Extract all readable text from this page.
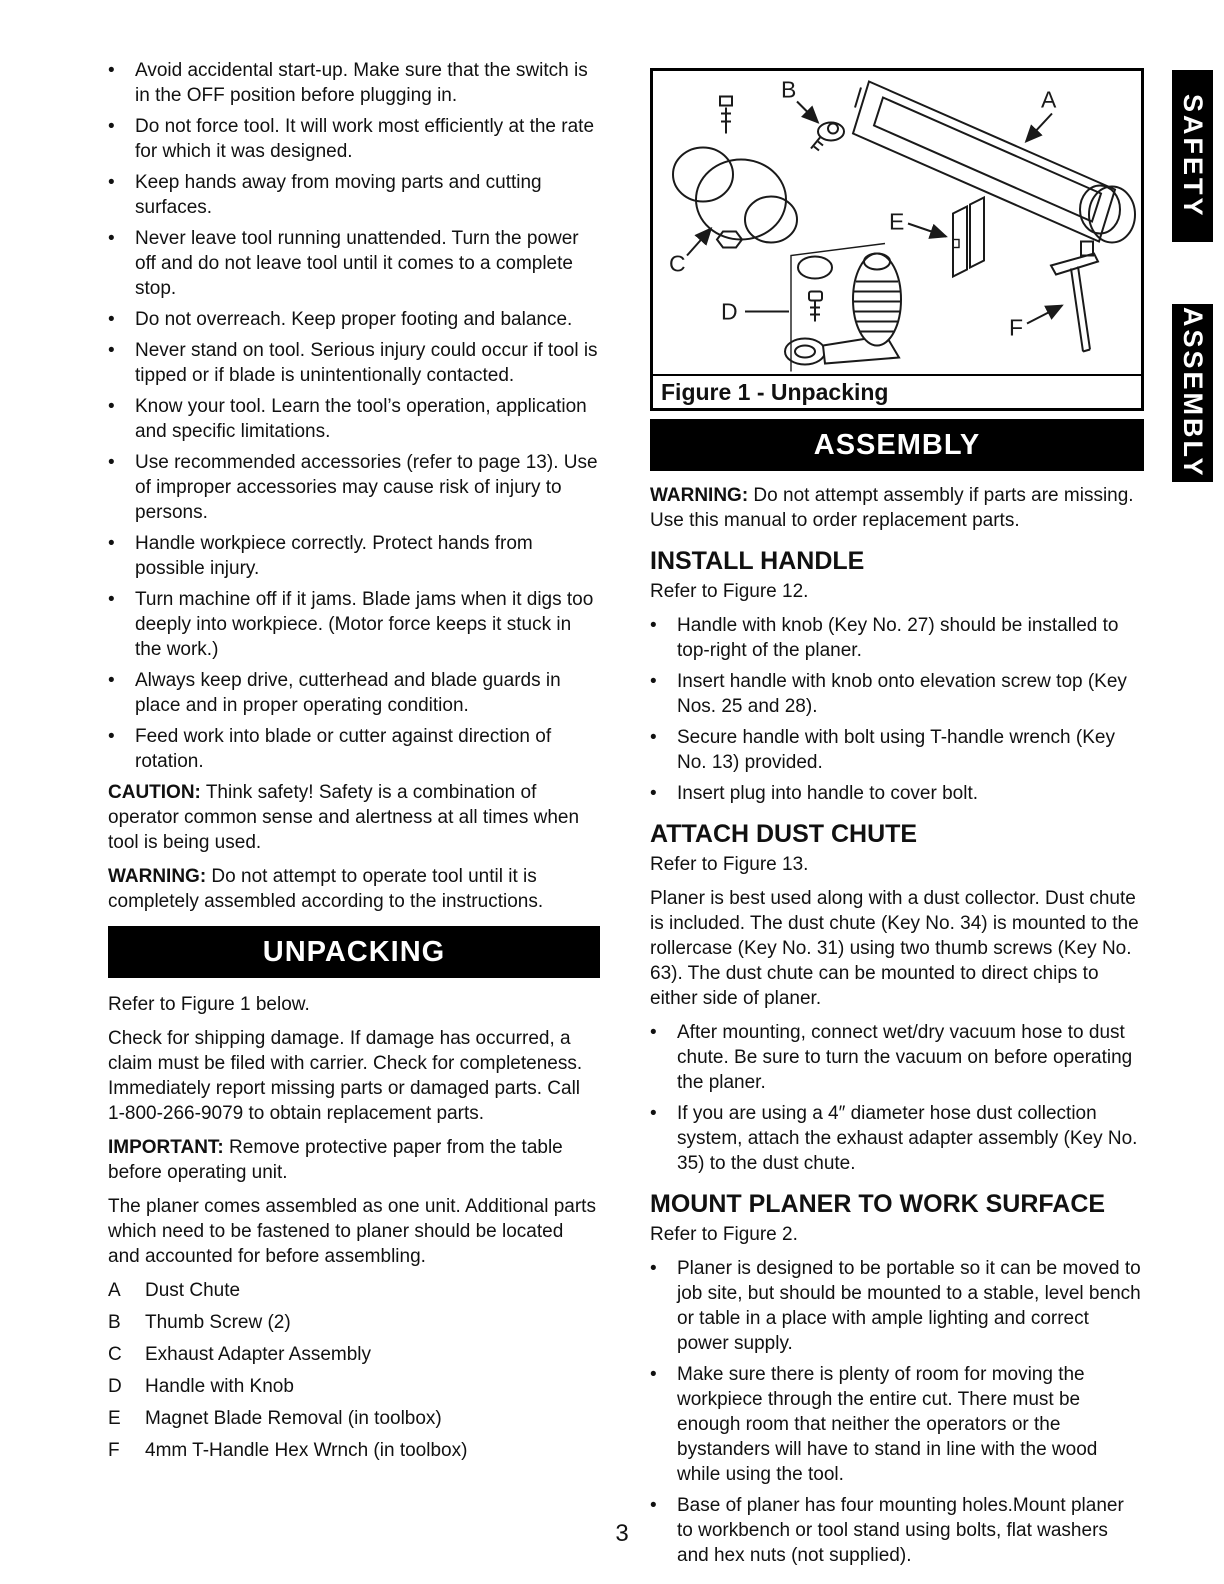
•	Avoid accidental start-up. Make sure that the switch is in the OFF position before plugging in.
•	Do not force tool. It will work most efficiently at the rate for which it was designed.
•	Keep hands away from moving parts and cutting surfaces.
•	Never leave tool running unattended. Turn the power off and do not leave tool until it comes to a complete stop.
•	Do not overreach. Keep proper footing and balance.
•	Never stand on tool. Serious injury could occur if tool is tipped or if blade is unintentionally contacted.
•	Know your tool. Learn the tool’s operation, application and specific limitations.
•	Use recommended accessories (refer to page 13). Use of improper accessories may cause risk of injury to persons.
•	Handle workpiece correctly. Protect hands from possible injury.
•	Turn machine off if it jams. Blade jams when it digs too deeply into workpiece. (Motor force keeps it stuck in the work.)
•	Always keep drive, cutterhead and blade guards in place and in proper operating condition.
•	Feed work into blade or cutter against direction of rotation.

CAUTION: Think safety! Safety is a combination of operator common sense and alertness at all times when tool is being used.

WARNING: Do not attempt to operate tool until it is completely assembled according to the instructions.

UNPACKING

Refer to Figure 1 below.

Check for shipping damage. If damage has occurred, a claim must be filed with carrier. Check for completeness. Immediately report missing parts or damaged parts. Call 1-800-266-9079 to obtain replacement parts.

IMPORTANT: Remove protective paper from the table before operating unit.

The planer comes assembled as one unit. Additional parts which need to be fastened to planer should be located and accounted for before assembling.

A	Dust Chute
B	Thumb Screw (2)
C	Exhaust Adapter Assembly
D	Handle with Knob
E	Magnet Blade Removal (in toolbox)
F	4mm T-Handle Hex Wrnch (in toolbox)
A
B
C
D
E
F
Figure 1 - Unpacking
ASSEMBLY

WARNING: Do not attempt assembly if parts are missing. Use this manual to order replacement parts.

INSTALL HANDLE

Refer to Figure 12.

•	Handle with knob (Key No. 27) should be installed to top-right of the planer.
•	Insert handle with knob onto elevation screw top (Key Nos. 25 and 28).
•	Secure handle with bolt using T-handle wrench (Key No. 13) provided.
•	Insert plug into handle to cover bolt.
ATTACH DUST CHUTE

Refer to Figure 13.

Planer is best used along with a dust collector. Dust chute is included. The dust chute (Key No. 34) is mounted to the rollercase (Key No. 31) using two thumb screws (Key No. 63). The dust chute can be mounted to direct chips to either side of planer.

•	After mounting, connect wet/dry vacuum hose to dust chute. Be sure to turn the vacuum on before operating the planer.
•	If you are using a 4″ diameter hose dust collection system, attach the exhaust adapter assembly (Key No. 35) to the dust chute.
MOUNT PLANER TO WORK SURFACE

Refer to Figure 2.

•	Planer is designed to be portable so it can be moved to job site, but should be mounted to a stable, level bench or table in a place with ample lighting and correct power supply.
•	Make sure there is plenty of room for moving the workpiece through the entire cut. There must be enough room that neither the operators or the bystanders will have to stand in line with the wood while using the tool.
•	Base of planer has four mounting holes.Mount planer to workbench or tool stand using bolts, flat washers and hex nuts (not supplied).
SAFETY
ASSEMBLY
3
